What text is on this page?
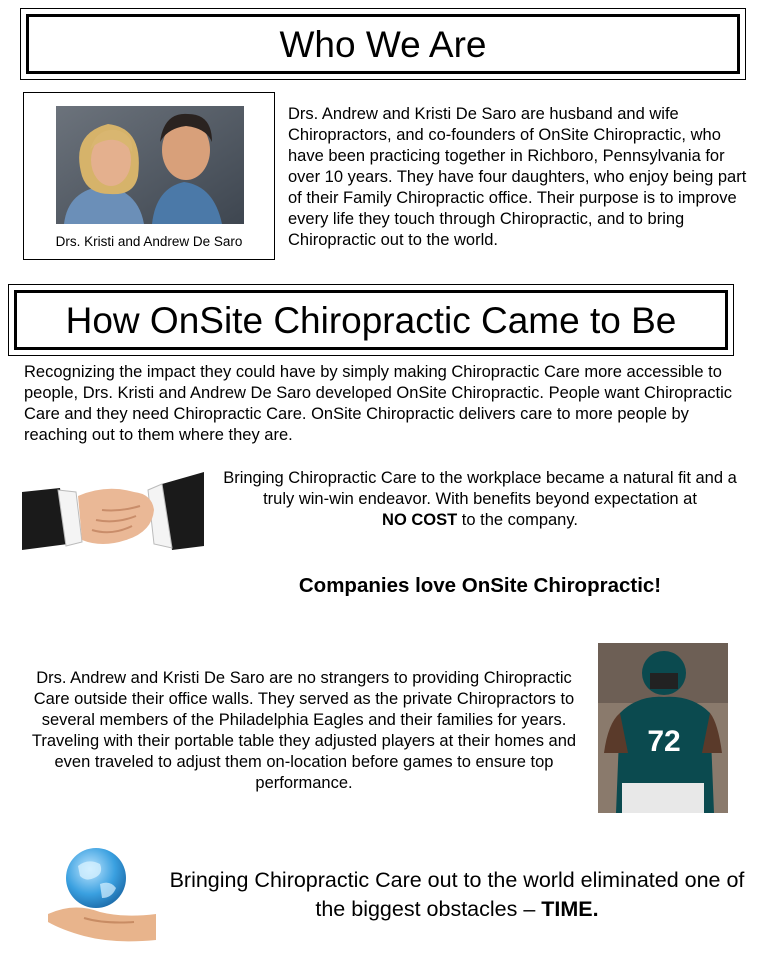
Who We Are
Drs. Kristi and Andrew De Saro

Drs. Andrew and Kristi De Saro are husband and wife Chiropractors, and co-founders of OnSite Chiropractic, who have been practicing together in Richboro, Pennsylvania for over 10 years. They have four daughters, who enjoy being part of their Family Chiropractic office. Their purpose is to improve every life they touch through Chiropractic, and to bring Chiropractic out to the world.

How OnSite Chiropractic Came to Be

Recognizing the impact they could have by simply making Chiropractic Care more accessible to people, Drs. Kristi and Andrew De Saro developed OnSite Chiropractic. People want Chiropractic Care and they need Chiropractic Care. OnSite Chiropractic delivers care to more people by reaching out to them where they are.

Bringing Chiropractic Care to the workplace became a natural fit and a truly win-win endeavor. With benefits beyond expectation at
NO COST to the company.

Companies love OnSite Chiropractic!

Drs. Andrew and Kristi De Saro are no strangers to providing Chiropractic Care outside their office walls. They served as the private Chiropractors to several members of the Philadelphia Eagles and their families for years. Traveling with their portable table they adjusted players at their homes and even traveled to adjust them on-location before games to ensure top performance.

72

Bringing Chiropractic Care out to the world eliminated one of the biggest obstacles – TIME.
